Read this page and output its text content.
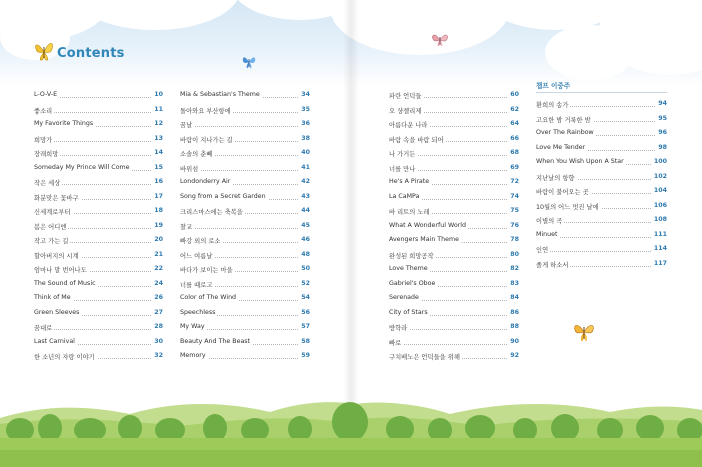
Contents
L-O-V-E	10
좋소리	11
My Favorite Things	12
희망가	13
장래희망	14
Someday My Prince Will Come	15
작은 세상	16
화분맞은 꽃바구	17
신세계로부터	18
봄은 어디엔	19
작고 가는 길	20
할아버지의 시계	21
엄마나 말 번어나도	22
The Sound of Music	24
Think of Me	26
Green Sleeves	27
꿈대로	28
Last Carnival	30
한 소년의 자랑 이야기	32
Mia & Sebastian's Theme	34
돌아와요 부산항에	35
꿈날	36
바람이 지나가는 길	38
소솔의 춘빼	40
바위섬	41
Londonderry Air	42
Song from a Secret Garden	43
크리스마스에는 축복을	44
찰교	45
빠강 외의 로소	46
어느 여름날	48
바다가 보이는 마을	50
너를 때로고	52
Color of The Wind	54
Speechless	56
My Way	57
Beauty And The Beast	58
Memory	59
파란 언덕들	60
오 샹젤리제	62
아름다운 나라	64
바람 속을 바람 되어	66
나 가거든	68
너를 만나	69
He's A Pirate	72
La CaMPa	74
바 리트의 노래	75
What A Wonderful World	76
Avengers Main Theme	78
완성된 희망공작	80
Love Theme	82
Gabriel's Oboe	83
Serenade	84
City of Stars	86
방학라	88
빠로	90
구치배노은 언덕들을 위해	92
챕프 이중주
환희의 송가	94
고요한 밤 거룩한 밤	95
Over The Rainbow	96
Love Me Tender	98
When You Wish Upon A Star	100
지난날의 항향	102
바람이 불어오는 곳	104
10월의 어느 멋진 날에	106
이별의 곡	108
Minuet	111
인연	114
졸게 하소서	117
